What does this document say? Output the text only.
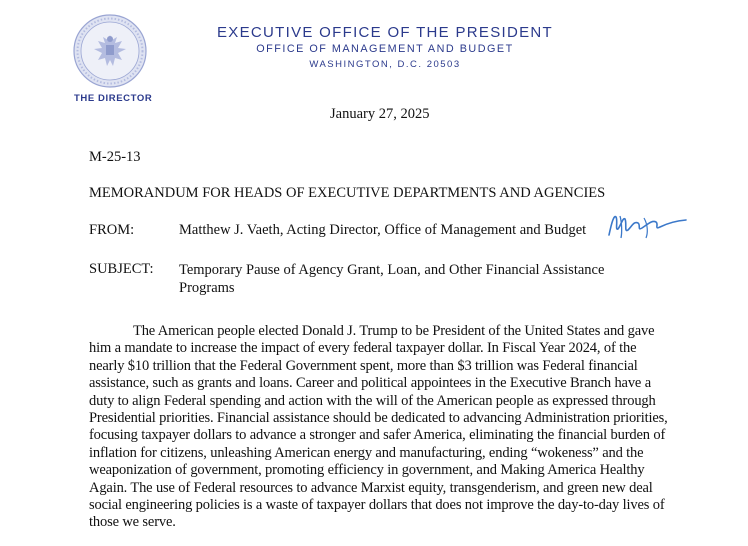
THE DIRECTOR
EXECUTIVE OFFICE OF THE PRESIDENT
OFFICE OF MANAGEMENT AND BUDGET
WASHINGTON, D.C. 20503
January 27, 2025
M-25-13
MEMORANDUM FOR HEADS OF EXECUTIVE DEPARTMENTS AND AGENCIES
FROM:	Matthew J. Vaeth, Acting Director, Office of Management and Budget
SUBJECT: Temporary Pause of Agency Grant, Loan, and Other Financial Assistance Programs

The American people elected Donald J. Trump to be President of the United States and gave him a mandate to increase the impact of every federal taxpayer dollar. In Fiscal Year 2024, of the nearly $10 trillion that the Federal Government spent, more than $3 trillion was Federal financial assistance, such as grants and loans. Career and political appointees in the Executive Branch have a duty to align Federal spending and action with the will of the American people as expressed through Presidential priorities. Financial assistance should be dedicated to advancing Administration priorities, focusing taxpayer dollars to advance a stronger and safer America, eliminating the financial burden of inflation for citizens, unleashing American energy and manufacturing, ending “wokeness” and the weaponization of government, promoting efficiency in government, and Making America Healthy Again. The use of Federal resources to advance Marxist equity, transgenderism, and green new deal social engineering policies is a waste of taxpayer dollars that does not improve the day-to-day lives of those we serve.
